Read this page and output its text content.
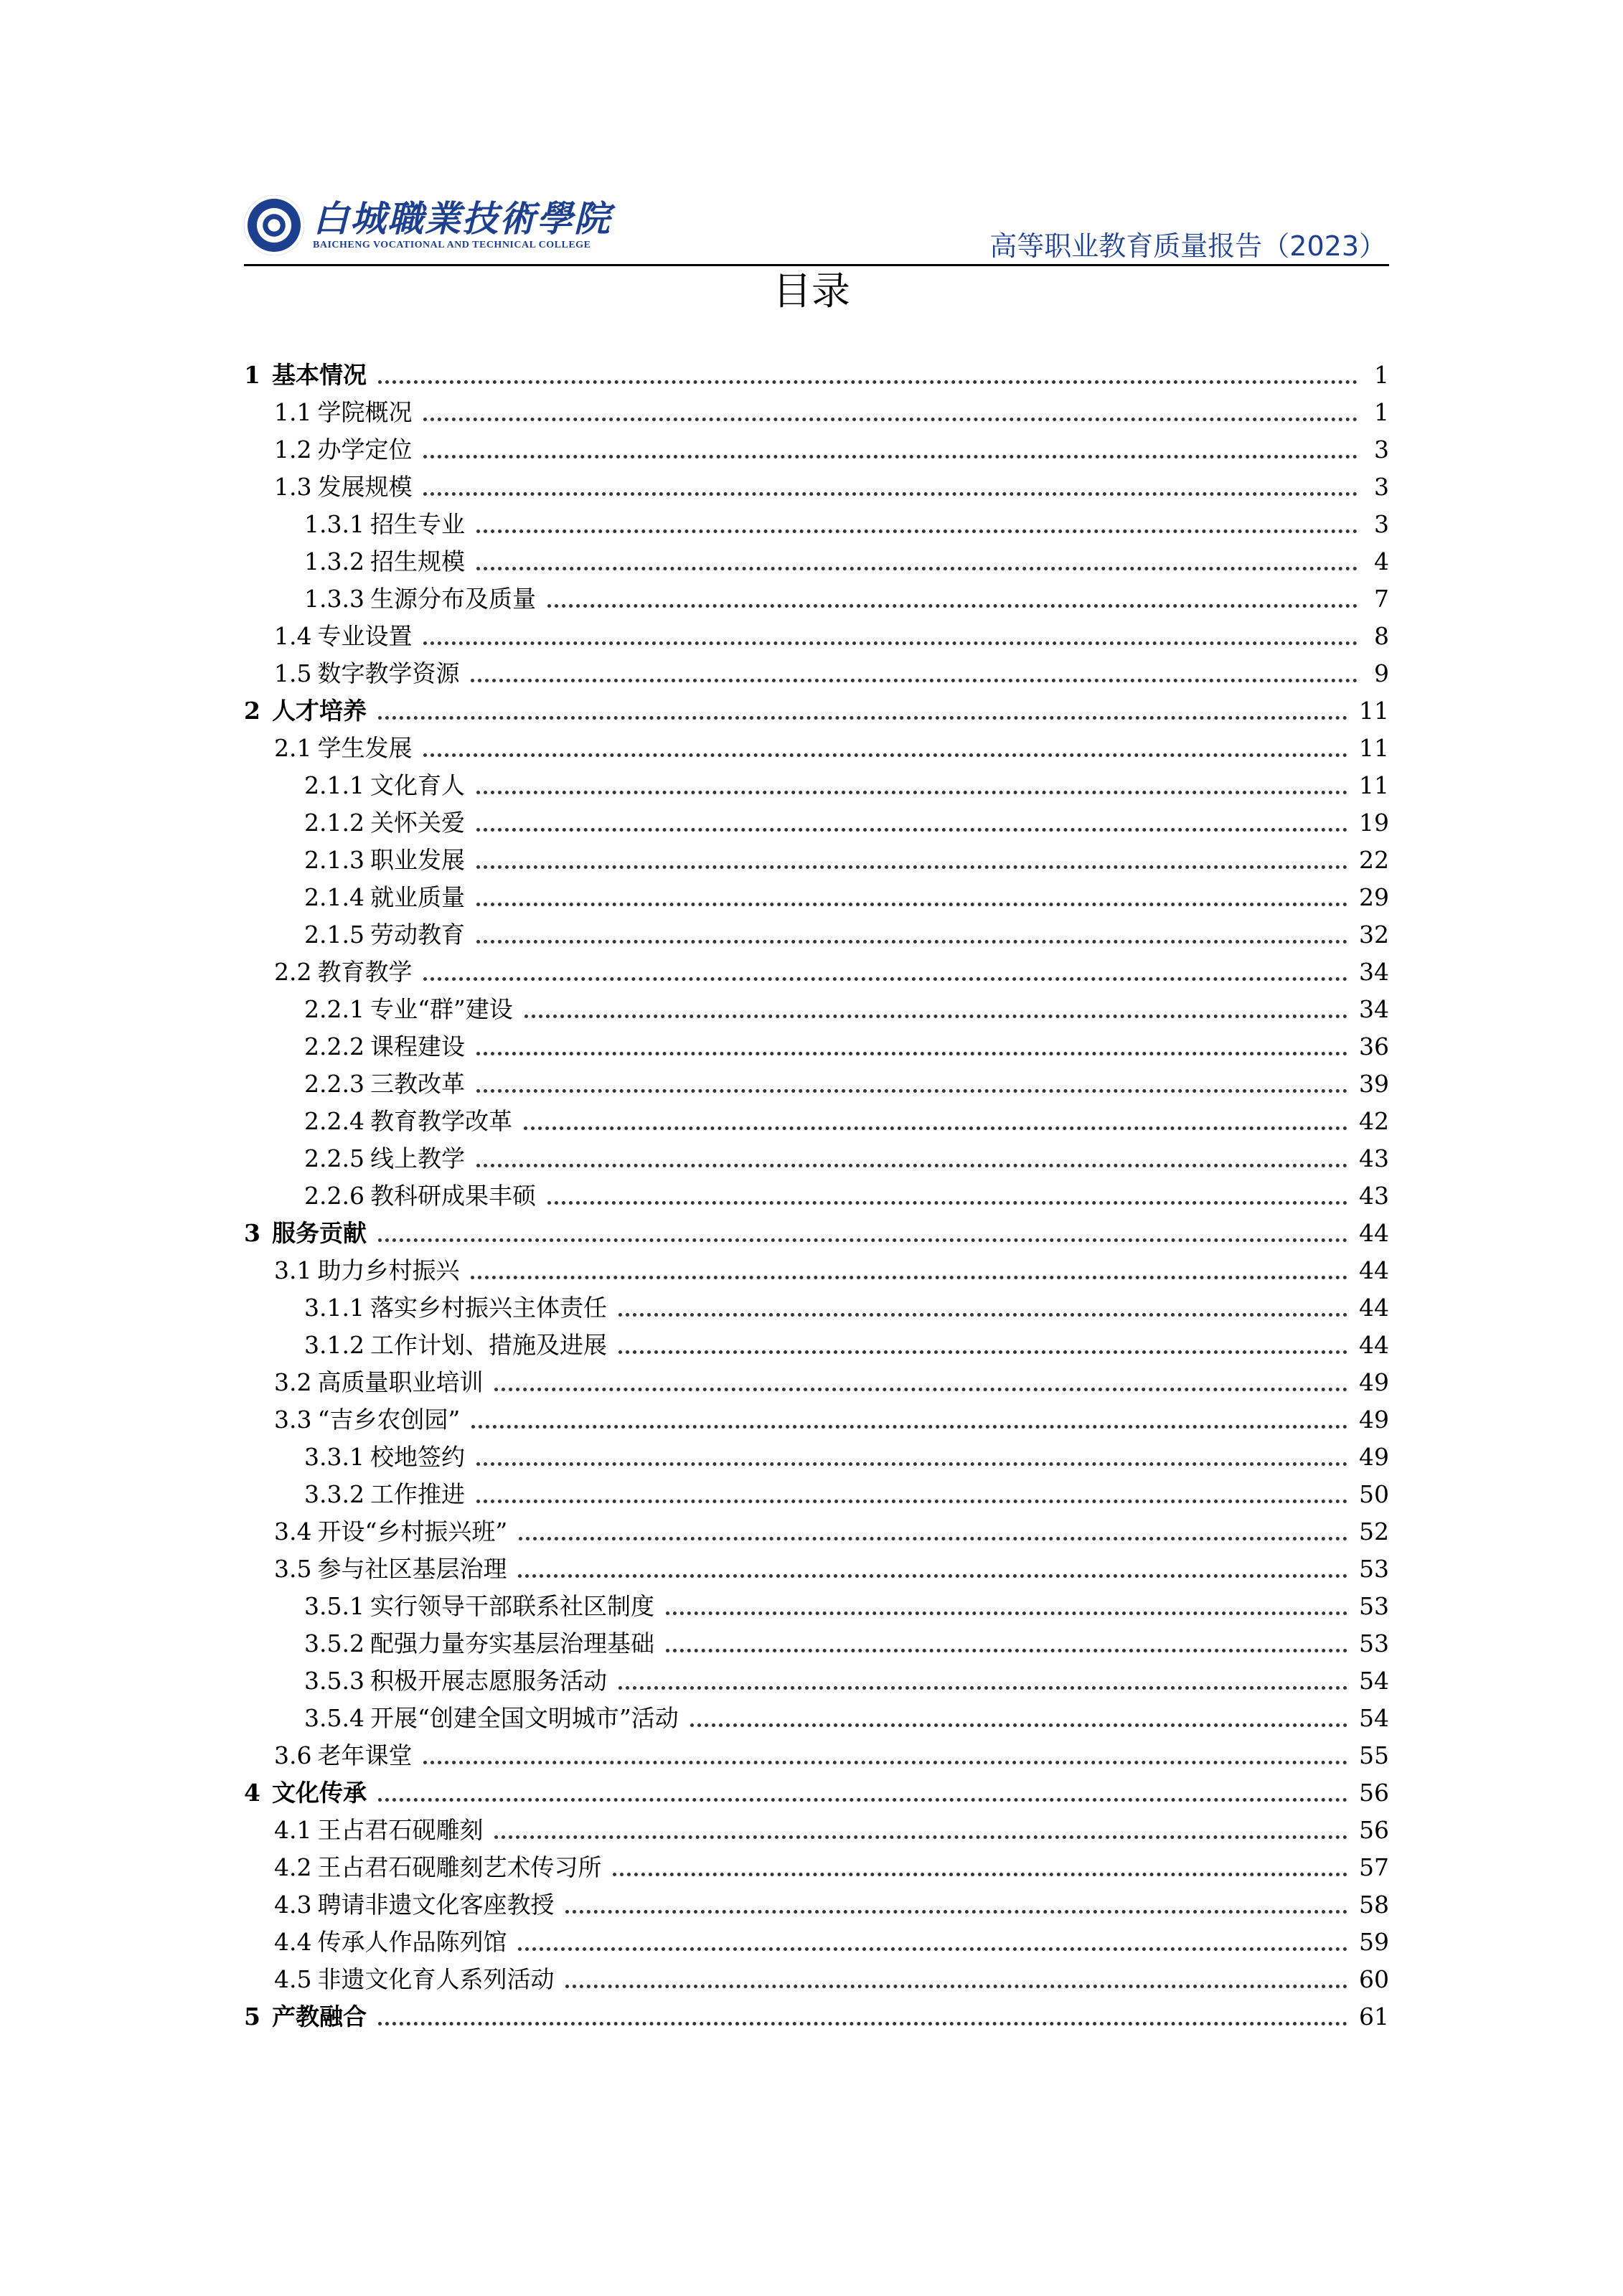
白城職業技術學院
BAICHENG VOCATIONAL AND TECHNICAL COLLEGE	高等职业教育质量报告（2023）
目录
1 基本情况	1
1.1 学院概况	1
1.2 办学定位	3
1.3 发展规模	3
1.3.1 招生专业	3
1.3.2 招生规模	4
1.3.3 生源分布及质量	7
1.4 专业设置	8
1.5 数字教学资源	9
2 人才培养	11
2.1 学生发展	11
2.1.1 文化育人	11
2.1.2 关怀关爱	19
2.1.3 职业发展	22
2.1.4 就业质量	29
2.1.5 劳动教育	32
2.2 教育教学	34
2.2.1 专业“群”建设	34
2.2.2 课程建设	36
2.2.3 三教改革	39
2.2.4 教育教学改革	42
2.2.5 线上教学	43
2.2.6 教科研成果丰硕	43
3 服务贡献	44
3.1 助力乡村振兴	44
3.1.1 落实乡村振兴主体责任	44
3.1.2 工作计划、措施及进展	44
3.2 高质量职业培训	49
3.3 “吉乡农创园”	49
3.3.1 校地签约	49
3.3.2 工作推进	50
3.4 开设“乡村振兴班”	52
3.5 参与社区基层治理	53
3.5.1 实行领导干部联系社区制度	53
3.5.2 配强力量夯实基层治理基础	53
3.5.3 积极开展志愿服务活动	54
3.5.4 开展“创建全国文明城市”活动	54
3.6 老年课堂	55
4 文化传承	56
4.1 王占君石砚雕刻	56
4.2 王占君石砚雕刻艺术传习所	57
4.3 聘请非遗文化客座教授	58
4.4 传承人作品陈列馆	59
4.5 非遗文化育人系列活动	60
5 产教融合	61
